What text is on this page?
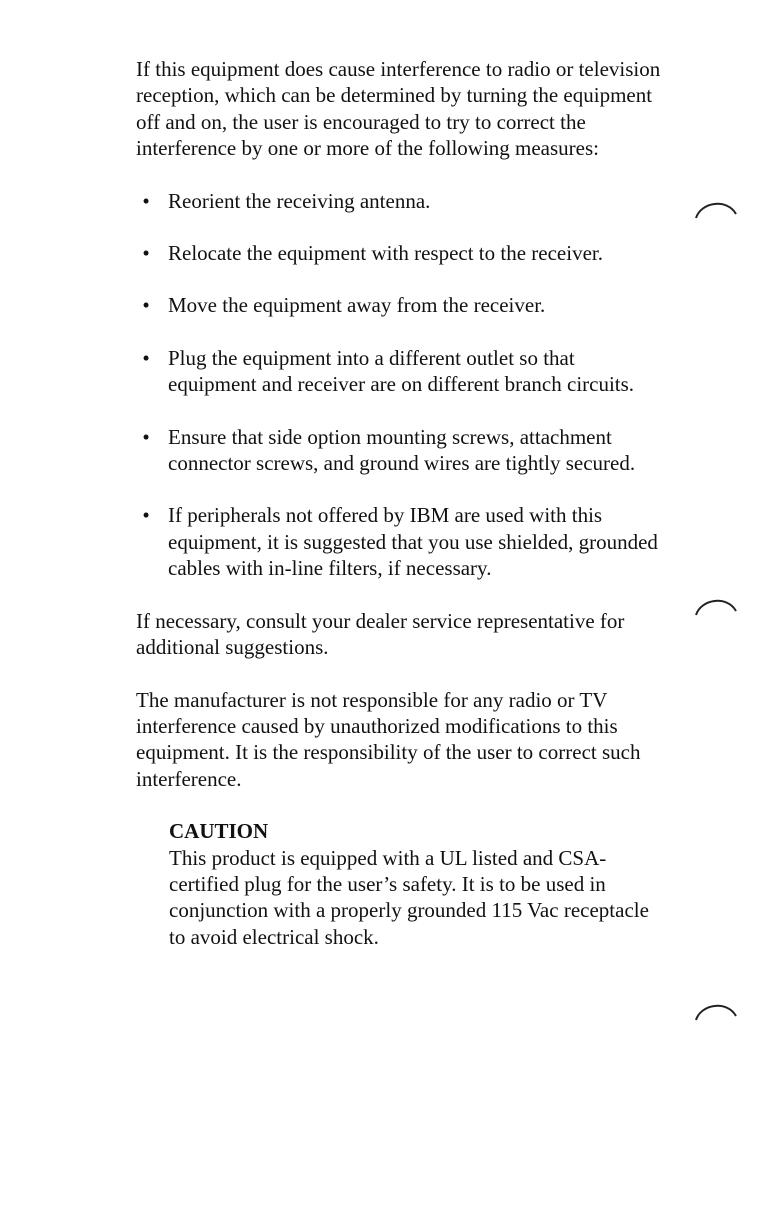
If this equipment does cause interference to radio or television reception, which can be determined by turning the equipment off and on, the user is encouraged to try to correct the interference by one or more of the following measures:

• Reorient the receiving antenna.
• Relocate the equipment with respect to the receiver.
• Move the equipment away from the receiver.
• Plug the equipment into a different outlet so that equipment and receiver are on different branch circuits.
• Ensure that side option mounting screws, attachment connector screws, and ground wires are tightly secured.
• If peripherals not offered by IBM are used with this equipment, it is suggested that you use shielded, grounded cables with in-line filters, if necessary.

If necessary, consult your dealer service representative for additional suggestions.

The manufacturer is not responsible for any radio or TV interference caused by unauthorized modifications to this equipment. It is the responsibility of the user to correct such interference.

CAUTION

This product is equipped with a UL listed and CSA-certified plug for the user’s safety. It is to be used in conjunction with a properly grounded 115 Vac receptacle to avoid electrical shock.
